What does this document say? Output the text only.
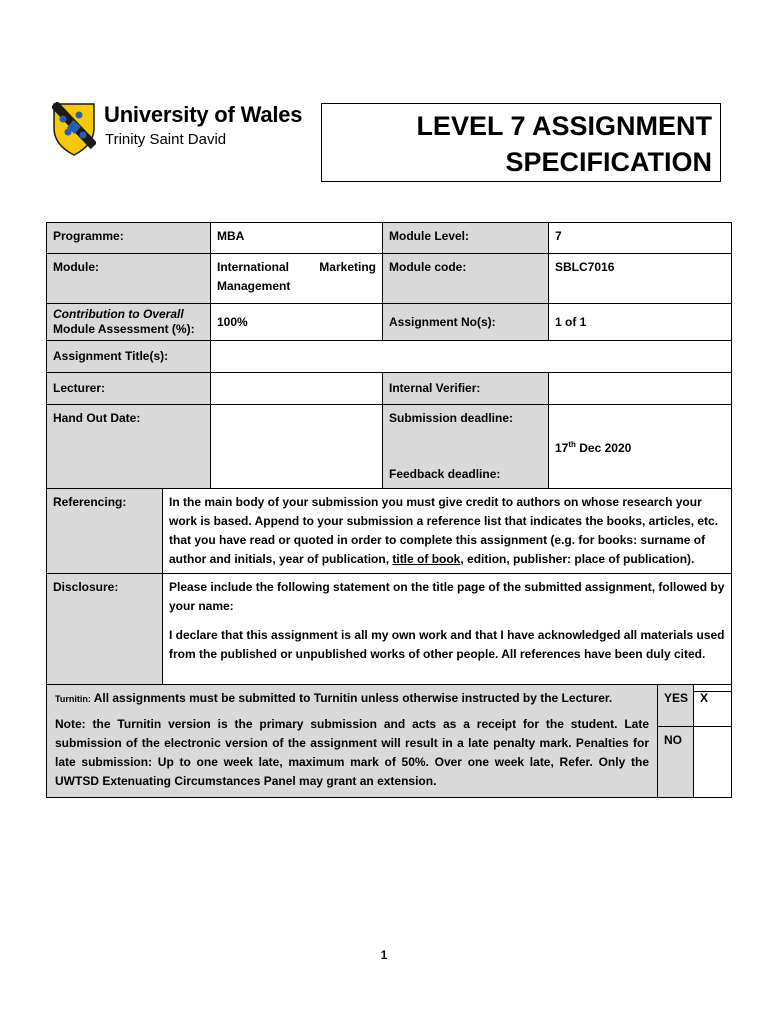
University of Wales
Trinity Saint David	LEVEL 7 ASSIGNMENT
SPECIFICATION
Programme:		MBA	Module Level:	7
Module:		International Marketing Management	Module code:	SBLC7016

Contribution to Overall
Module Assessment (%):		100%	Assignment No(s):	1 of 1
Assignment Title(s):				
Lecturer:			Internal Verifier:	
Hand Out Date:			Submission deadline:
Feedback deadline:	17th Dec 2020
Referencing:	In the main body of your submission you must give credit to authors on whose research your work is based. Append to your submission a reference list that indicates the books, articles, etc. that you have read or quoted in order to complete this assignment (e.g. for books: surname of author and initials, year of publication, title of book, edition, publisher: place of publication).			
Disclosure:	Please include the following statement on the title page of the submitted assignment, followed by your name:

I declare that this assignment is all my own work and that I have acknowledged all materials used from the published or unpublished works of other people. All references have been duly cited.			

Turnitin: All assignments must be submitted to Turnitin unless otherwise instructed by the Lecturer.
Note: the Turnitin version is the primary submission and acts as a receipt for the student. Late submission of the electronic version of the assignment will result in a late penalty mark. Penalties for late submission: Up to one week late, maximum mark of 50%. Over one week late, Refer. Only the UWTSD Extenuating Circumstances Panel may grant an extension.	YES	X
	NO	
1
